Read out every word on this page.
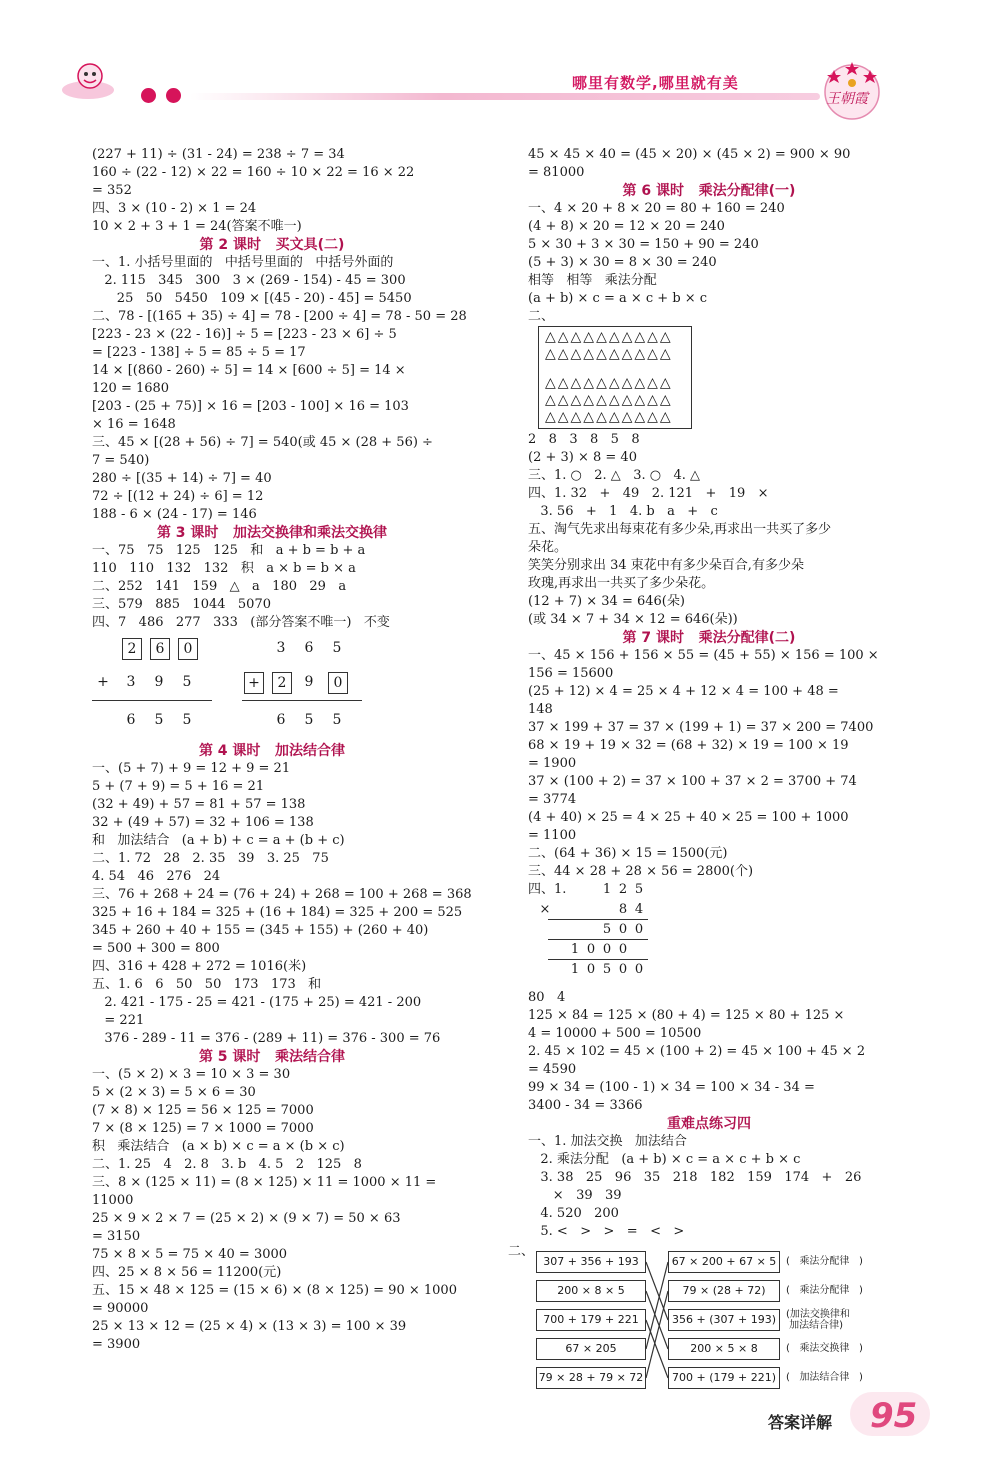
哪里有数学,哪里就有美
王朝霞
(227 + 11) ÷ (31 - 24) = 238 ÷ 7 = 34
160 ÷ (22 - 12) × 22 = 160 ÷ 10 × 22 = 16 × 22
= 352
四、3 × (10 - 2) × 1 = 24
10 × 2 + 3 + 1 = 24(答案不唯一)
第 2 课时   买文具(二)
一、1. 小括号里面的   中括号里面的   中括号外面的
2. 115   345   300   3 × (269 - 154) - 45 = 300
25   50   5450   109 × [(45 - 20) - 45] = 5450
二、78 - [(165 + 35) ÷ 4] = 78 - [200 ÷ 4] = 78 - 50 = 28
[223 - 23 × (22 - 16)] ÷ 5 = [223 - 23 × 6] ÷ 5
= [223 - 138] ÷ 5 = 85 ÷ 5 = 17
14 × [(860 - 260) ÷ 5] = 14 × [600 ÷ 5] = 14 ×
120 = 1680
[203 - (25 + 75)] × 16 = [203 - 100] × 16 = 103
× 16 = 1648
三、45 × [(28 + 56) ÷ 7] = 540(或 45 × (28 + 56) ÷
7 = 540)
280 ÷ [(35 + 14) ÷ 7] = 40
72 ÷ [(12 + 24) ÷ 6] = 12
188 - 6 × (24 - 17) = 146
第 3 课时   加法交换律和乘法交换律
一、75   75   125   125   和   a + b = b + a
110   110   132   132   积   a × b = b × a
二、252   141   159   △   a   180   29   a
三、579   885   1044   5070
四、7   486   277   333   (部分答案不唯一)   不变
2	6	0
+	3	9	5
6	5	5
3	6	5
+	2	9	0
6	5	5
第 4 课时   加法结合律
一、(5 + 7) + 9 = 12 + 9 = 21
5 + (7 + 9) = 5 + 16 = 21
(32 + 49) + 57 = 81 + 57 = 138
32 + (49 + 57) = 32 + 106 = 138
和   加法结合   (a + b) + c = a + (b + c)
二、1. 72   28   2. 35   39   3. 25   75
4. 54   46   276   24
三、76 + 268 + 24 = (76 + 24) + 268 = 100 + 268 = 368
325 + 16 + 184 = 325 + (16 + 184) = 325 + 200 = 525
345 + 260 + 40 + 155 = (345 + 155) + (260 + 40)
= 500 + 300 = 800
四、316 + 428 + 272 = 1016(米)
五、1. 6   6   50   50   173   173   和
2. 421 - 175 - 25 = 421 - (175 + 25) = 421 - 200
= 221
376 - 289 - 11 = 376 - (289 + 11) = 376 - 300 = 76
第 5 课时   乘法结合律
一、(5 × 2) × 3 = 10 × 3 = 30
5 × (2 × 3) = 5 × 6 = 30
(7 × 8) × 125 = 56 × 125 = 7000
7 × (8 × 125) = 7 × 1000 = 7000
积   乘法结合   (a × b) × c = a × (b × c)
二、1. 25   4   2. 8   3. b   4. 5   2   125   8
三、8 × (125 × 11) = (8 × 125) × 11 = 1000 × 11 =
11000
25 × 9 × 2 × 7 = (25 × 2) × (9 × 7) = 50 × 63
= 3150
75 × 8 × 5 = 75 × 40 = 3000
四、25 × 8 × 56 = 11200(元)
五、15 × 48 × 125 = (15 × 6) × (8 × 125) = 90 × 1000
= 90000
25 × 13 × 12 = (25 × 4) × (13 × 3) = 100 × 39
= 3900
45 × 45 × 40 = (45 × 20) × (45 × 2) = 900 × 90
= 81000
第 6 课时   乘法分配律(一)
一、4 × 20 + 8 × 20 = 80 + 160 = 240
(4 + 8) × 20 = 12 × 20 = 240
5 × 30 + 3 × 30 = 150 + 90 = 240
(5 + 3) × 30 = 8 × 30 = 240
相等   相等   乘法分配
(a + b) × c = a × c + b × c
二、
△△△△△△△△△△
△△△△△△△△△△
△△△△△△△△△△
△△△△△△△△△△
△△△△△△△△△△
2   8   3   8   5   8
(2 + 3) × 8 = 40
三、1. ○   2. △   3. ○   4. △
四、1. 32   +   49   2. 121   +   19   ×
3. 56   +   1   4. b   a   +   c
五、淘气先求出每束花有多少朵,再求出一共买了多少
朵花。
笑笑分别求出 34 束花中有多少朵百合,有多少朵
玫瑰,再求出一共买了多少朵花。
(12 + 7) × 34 = 646(朵)
(或 34 × 7 + 34 × 12 = 646(朵))
第 7 课时   乘法分配律(二)
一、45 × 156 + 156 × 55 = (45 + 55) × 156 = 100 ×
156 = 15600
(25 + 12) × 4 = 25 × 4 + 12 × 4 = 100 + 48 =
148
37 × 199 + 37 = 37 × (199 + 1) = 37 × 200 = 7400
68 × 19 + 19 × 32 = (68 + 32) × 19 = 100 × 19
= 1900
37 × (100 + 2) = 37 × 100 + 37 × 2 = 3700 + 74
= 3774
(4 + 40) × 25 = 4 × 25 + 40 × 25 = 100 + 1000
= 1100
二、(64 + 36) × 15 = 1500(元)
三、44 × 28 + 28 × 56 = 2800(个)
四、1.	1 2 5
×	8 4
5 0 0
1 0 0 0
1 0 5 0 0
80   4
125 × 84 = 125 × (80 + 4) = 125 × 80 + 125 ×
4 = 10000 + 500 = 10500
2. 45 × 102 = 45 × (100 + 2) = 45 × 100 + 45 × 2
= 4590
99 × 34 = (100 - 1) × 34 = 100 × 34 - 34 =
3400 - 34 = 3366
重难点练习四
一、1. 加法交换   加法结合
2. 乘法分配   (a + b) × c = a × c + b × c
3. 38   25   96   35   218   182   159   174   +   26
×   39   39
4. 520   200
5. <   >   >   =   <   >
二、
307 + 356 + 193
200 × 8 × 5
700 + 179 + 221
67 × 205
79 × 28 + 79 × 72
67 × 200 + 67 × 5
79 × (28 + 72)
356 + (307 + 193)
200 × 5 × 8
700 + (179 + 221)
(   乘法分配律   )
(   乘法分配律   )
(加法交换律和
加法结合律)
(   乘法交换律   )
(   加法结合律   )
答案详解 95
